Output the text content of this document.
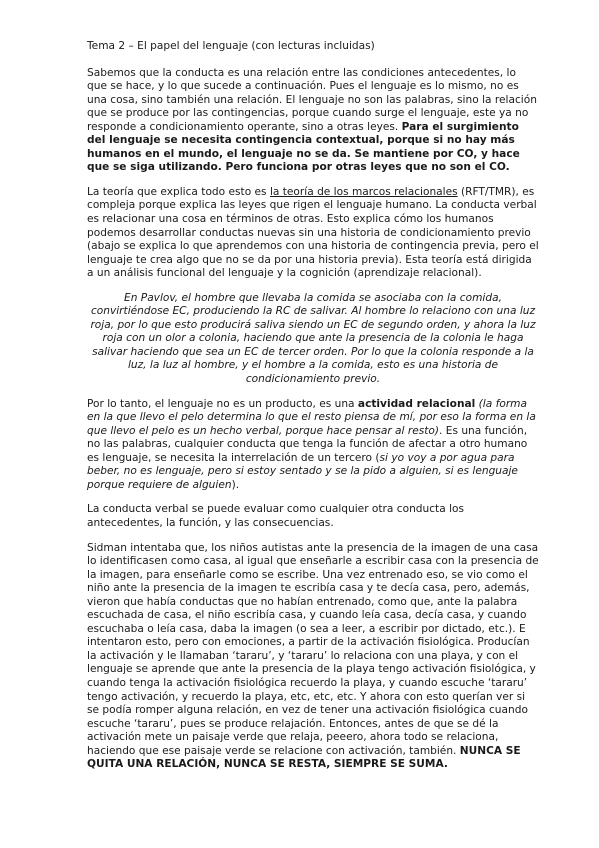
Tema 2 – El papel del lenguaje (con lecturas incluidas)

Sabemos que la conducta es una relación entre las condiciones antecedentes, lo que se hace, y lo que sucede a continuación. Pues el lenguaje es lo mismo, no es una cosa, sino también una relación. El lenguaje no son las palabras, sino la relación que se produce por las contingencias, porque cuando surge el lenguaje, este ya no responde a condicionamiento operante, sino a otras leyes. Para el surgimiento del lenguaje se necesita contingencia contextual, porque si no hay más humanos en el mundo, el lenguaje no se da. Se mantiene por CO, y hace que se siga utilizando. Pero funciona por otras leyes que no son el CO.

La teoría que explica todo esto es la teoría de los marcos relacionales (RFT/TMR), es compleja porque explica las leyes que rigen el lenguaje humano. La conducta verbal es relacionar una cosa en términos de otras. Esto explica cómo los humanos podemos desarrollar conductas nuevas sin una historia de condicionamiento previo (abajo se explica lo que aprendemos con una historia de contingencia previa, pero el lenguaje te crea algo que no se da por una historia previa). Esta teoría está dirigida a un análisis funcional del lenguaje y la cognición (aprendizaje relacional).

En Pavlov, el hombre que llevaba la comida se asociaba con la comida, convirtiéndose EC, produciendo la RC de salivar. Al hombre lo relaciono con una luz roja, por lo que esto producirá saliva siendo un EC de segundo orden, y ahora la luz roja con un olor a colonia, haciendo que ante la presencia de la colonia le haga salivar haciendo que sea un EC de tercer orden. Por lo que la colonia responde a la luz, la luz al hombre, y el hombre a la comida, esto es una historia de condicionamiento previo.

Por lo tanto, el lenguaje no es un producto, es una actividad relacional (la forma en la que llevo el pelo determina lo que el resto piensa de mí, por eso la forma en la que llevo el pelo es un hecho verbal, porque hace pensar al resto). Es una función, no las palabras, cualquier conducta que tenga la función de afectar a otro humano es lenguaje, se necesita la interrelación de un tercero (si yo voy a por agua para beber, no es lenguaje, pero si estoy sentado y se la pido a alguien, si es lenguaje porque requiere de alguien).

La conducta verbal se puede evaluar como cualquier otra conducta los antecedentes, la función, y las consecuencias.

Sidman intentaba que, los niños autistas ante la presencia de la imagen de una casa lo identificasen como casa, al igual que enseñarle a escribir casa con la presencia de la imagen, para enseñarle como se escribe. Una vez entrenado eso, se vio como el niño ante la presencia de la imagen te escribía casa y te decía casa, pero, además, vieron que había conductas que no habían entrenado, como que, ante la palabra escuchada de casa, el niño escribía casa, y cuando leía casa, decía casa, y cuando escuchaba o leía casa, daba la imagen (o sea a leer, a escribir por dictado, etc.). E intentaron esto, pero con emociones, a partir de la activación fisiológica. Producían la activación y le llamaban ‘tararu’, y ‘tararu’ lo relaciona con una playa, y con el lenguaje se aprende que ante la presencia de la playa tengo activación fisiológica, y cuando tenga la activación fisiológica recuerdo la playa, y cuando escuche ‘tararu’ tengo activación, y recuerdo la playa, etc, etc, etc. Y ahora con esto querían ver si se podía romper alguna relación, en vez de tener una activación fisiológica cuando escuche ‘tararu’, pues se produce relajación. Entonces, antes de que se dé la activación mete un paisaje verde que relaja, peeero, ahora todo se relaciona, haciendo que ese paisaje verde se relacione con activación, también. NUNCA SE QUITA UNA RELACIÓN, NUNCA SE RESTA, SIEMPRE SE SUMA.
